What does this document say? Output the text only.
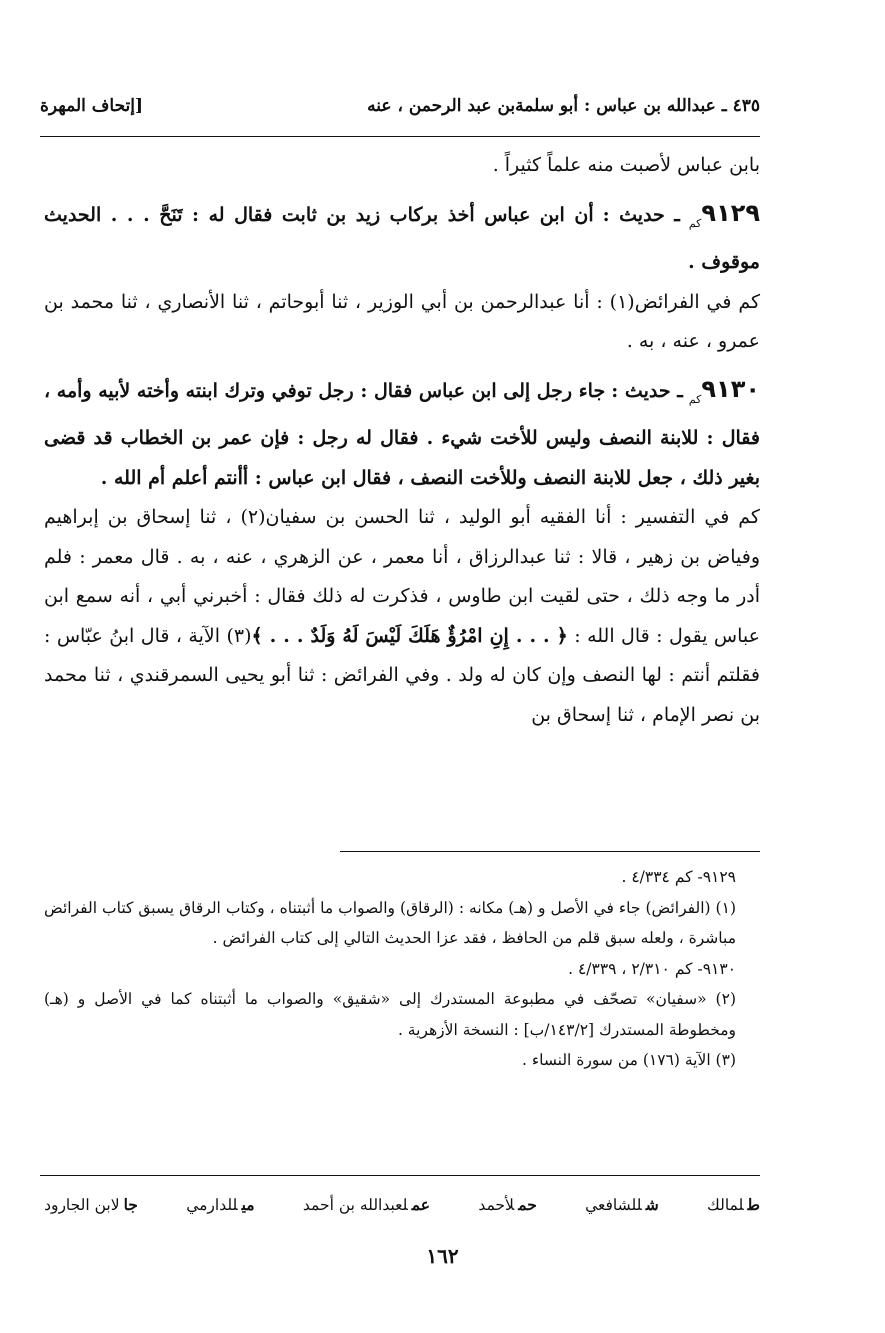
٤٣٥ ـ عبدالله بن عباس : أبو سلمةبن عبد الرحمن ، عنه
[إتحاف المهرة

بابن عباس لأصبت منه علماً كثيراً .

$٩١٢٩_{كم}$ ـ حديث : أن ابن عباس أخذ بركاب زيد بن ثابت فقال له : تَنَحَّ . . . الحديث موقوف .

كم في الفرائض(١) : أنا عبدالرحمن بن أبي الوزير ، ثنا أبوحاتم ، ثنا الأنصاري ، ثنا محمد بن عمرو ، عنه ، به .

$٩١٣٠_{كم}$ ـ حديث : جاء رجل إلى ابن عباس فقال : رجل توفي وترك ابنته وأخته لأبيه وأمه ، فقال : للابنة النصف وليس للأخت شيء . فقال له رجل : فإن عمر بن الخطاب قد قضى بغير ذلك ، جعل للابنة النصف وللأخت النصف ، فقال ابن عباس : أأنتم أعلم أم الله .

كم في التفسير : أنا الفقيه أبو الوليد ، ثنا الحسن بن سفيان(٢) ، ثنا إسحاق بن إبراهيم وفياض بن زهير ، قالا : ثنا عبدالرزاق ، أنا معمر ، عن الزهري ، عنه ، به . قال معمر : فلم أدر ما وجه ذلك ، حتى لقيت ابن طاوس ، فذكرت له ذلك فقال : أخبرني أبي ، أنه سمع ابن عباس يقول : قال الله : ﴿ . . . إِنِ امْرُؤٌ هَلَكَ لَيْسَ لَهُ وَلَدٌ . . . ﴾(٣) الآية ، قال ابنُ عبّاس : فقلتم أنتم : لها النصف وإن كان له ولد . وفي الفرائض : ثنا أبو يحيى السمرقندي ، ثنا محمد بن نصر الإمام ، ثنا إسحاق بن

٩١٢٩- كم ٤/٣٣٤ .

(١) (الفرائض) جاء في الأصل و (هـ) مكانه : (الرقاق) والصواب ما أثبتناه ، وكتاب الرقاق يسبق كتاب الفرائض مباشرة ، ولعله سبق قلم من الحافظ ، فقد عزا الحديث التالي إلى كتاب الفرائض .

٩١٣٠- كم ٢/٣١٠ ، ٤/٣٣٩ .

(٢) «سفيان» تصحّف في مطبوعة المستدرك إلى «شقيق» والصواب ما أثبتناه كما في الأصل و (هـ) ومخطوطة المستدرك [١٤٣/٢/ب] : النسخة الأزهرية .

(٣) الآية (١٧٦) من سورة النساء .

طلمالك
شللشافعي
حملأحمد
عملعبدالله بن أحمد
ميللدارمي
جالابن الجارود
١٦٢
